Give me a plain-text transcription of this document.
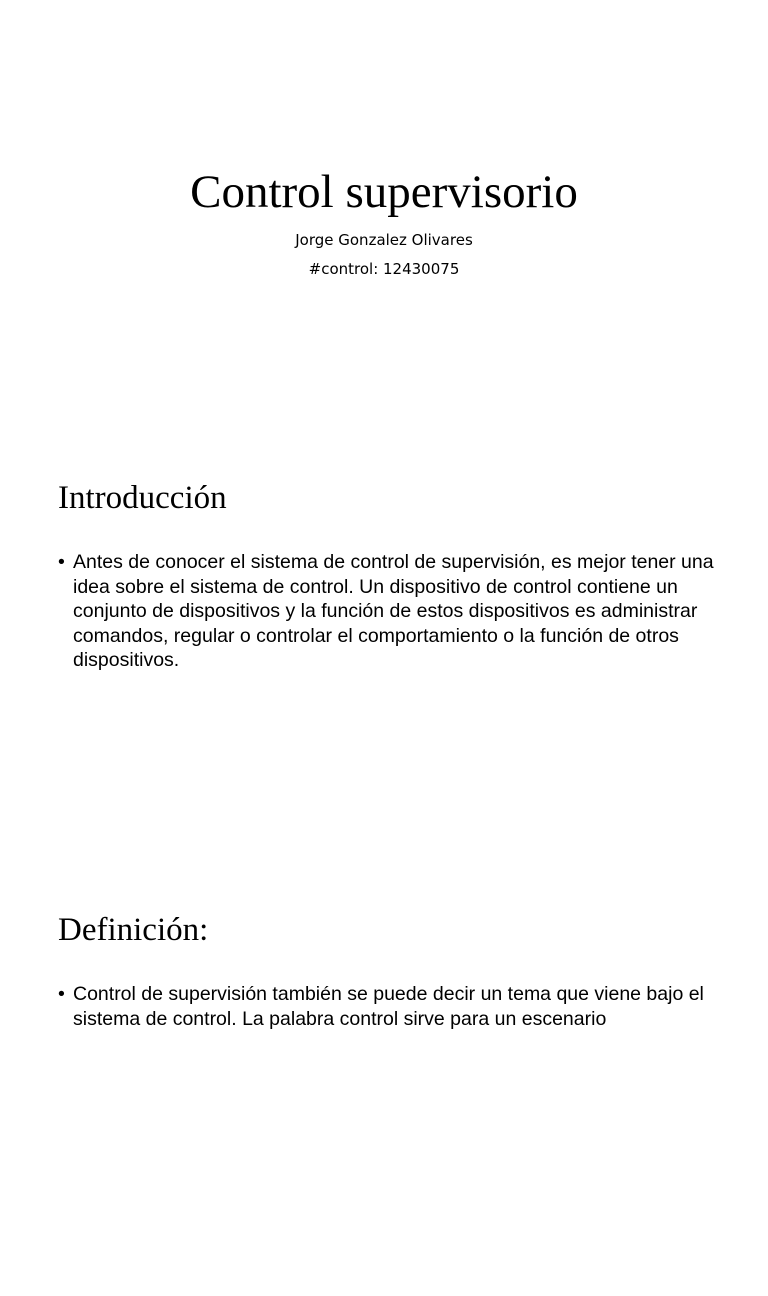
Control supervisorio

Jorge Gonzalez Olivares

#control: 12430075

Introducción
• Antes de conocer el sistema de control de supervisión, es mejor tener una idea sobre el sistema de control. Un dispositivo de control contiene un conjunto de dispositivos y la función de estos dispositivos es administrar comandos, regular o controlar el comportamiento o la función de otros dispositivos.
Definición:
• Control de supervisión también se puede decir un tema que viene bajo el sistema de control. La palabra control sirve para un escenario
